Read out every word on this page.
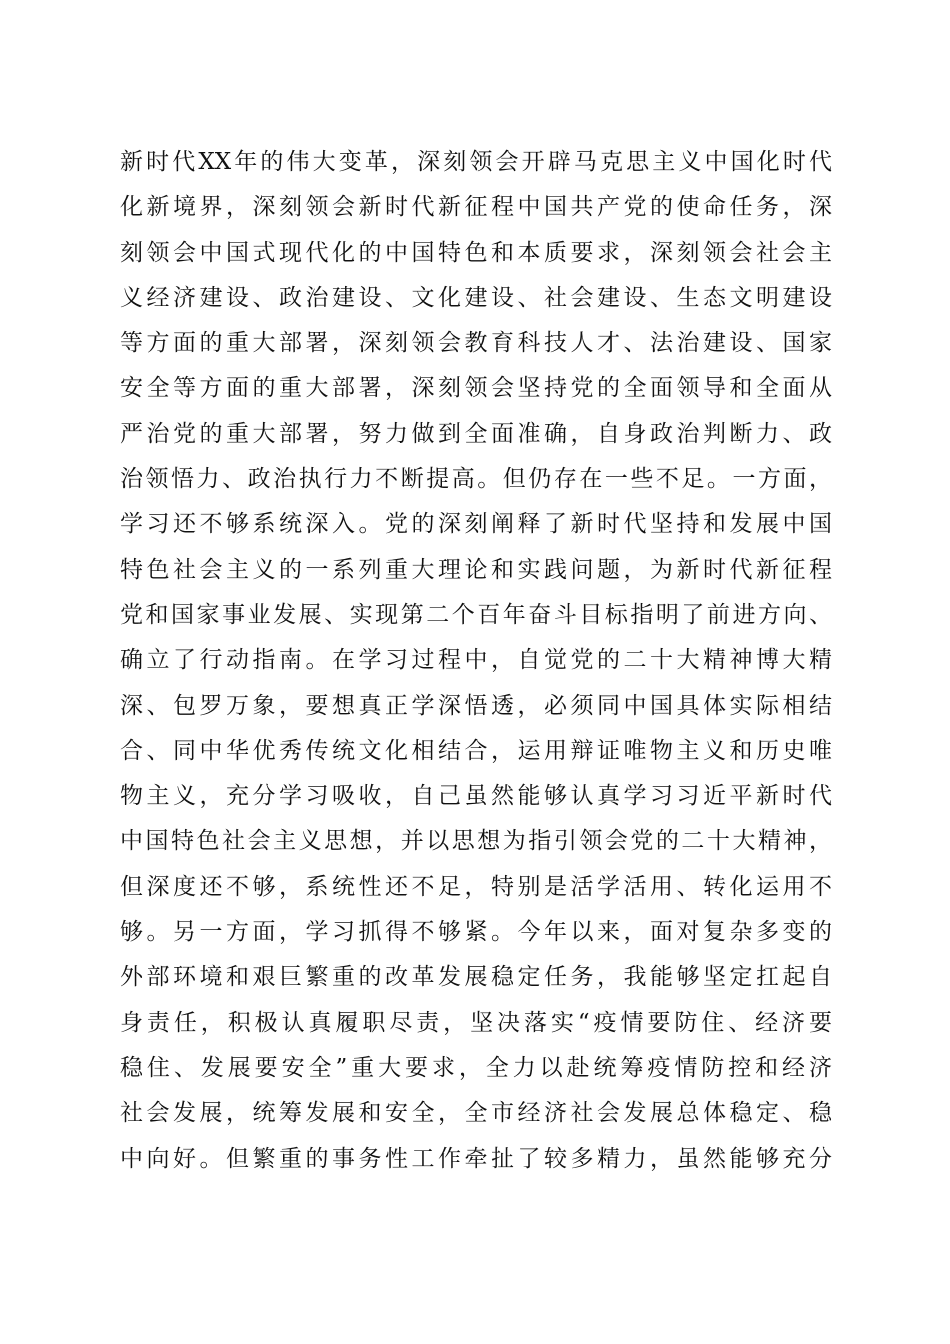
新时代XX年的伟大变革，深刻领会开辟马克思主义中国化时代
化新境界，深刻领会新时代新征程中国共产党的使命任务，深
刻领会中国式现代化的中国特色和本质要求，深刻领会社会主
义经济建设、政治建设、文化建设、社会建设、生态文明建设
等方面的重大部署，深刻领会教育科技人才、法治建设、国家
安全等方面的重大部署，深刻领会坚持党的全面领导和全面从
严治党的重大部署，努力做到全面准确，自身政治判断力、政
治领悟力、政治执行力不断提高。但仍存在一些不足。一方面，
学习还不够系统深入。党的深刻阐释了新时代坚持和发展中国
特色社会主义的一系列重大理论和实践问题，为新时代新征程
党和国家事业发展、实现第二个百年奋斗目标指明了前进方向、
确立了行动指南。在学习过程中，自觉党的二十大精神博大精
深、包罗万象，要想真正学深悟透，必须同中国具体实际相结
合、同中华优秀传统文化相结合，运用辩证唯物主义和历史唯
物主义，充分学习吸收，自己虽然能够认真学习习近平新时代
中国特色社会主义思想，并以思想为指引领会党的二十大精神，
但深度还不够，系统性还不足，特别是活学活用、转化运用不
够。另一方面，学习抓得不够紧。今年以来，面对复杂多变的
外部环境和艰巨繁重的改革发展稳定任务，我能够坚定扛起自
身责任，积极认真履职尽责，坚决落实“疫情要防住、经济要
稳住、发展要安全”重大要求，全力以赴统筹疫情防控和经济
社会发展，统筹发展和安全，全市经济社会发展总体稳定、稳
中向好。但繁重的事务性工作牵扯了较多精力，虽然能够充分
